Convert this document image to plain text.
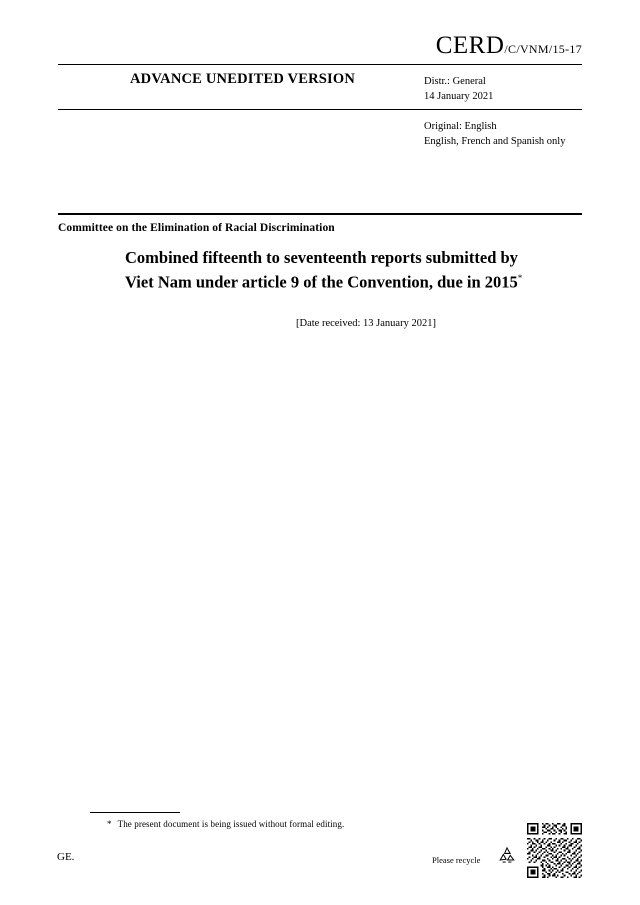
CERD/C/VNM/15-17
ADVANCE UNEDITED VERSION	Distr.: General
14 January 2021
Original: English
English, French and Spanish only
Committee on the Elimination of Racial Discrimination
Combined fifteenth to seventeenth reports submitted by Viet Nam under article 9 of the Convention, due in 2015*
[Date received: 13 January 2021]
* The present document is being issued without formal editing.
GE.	Please recycle
